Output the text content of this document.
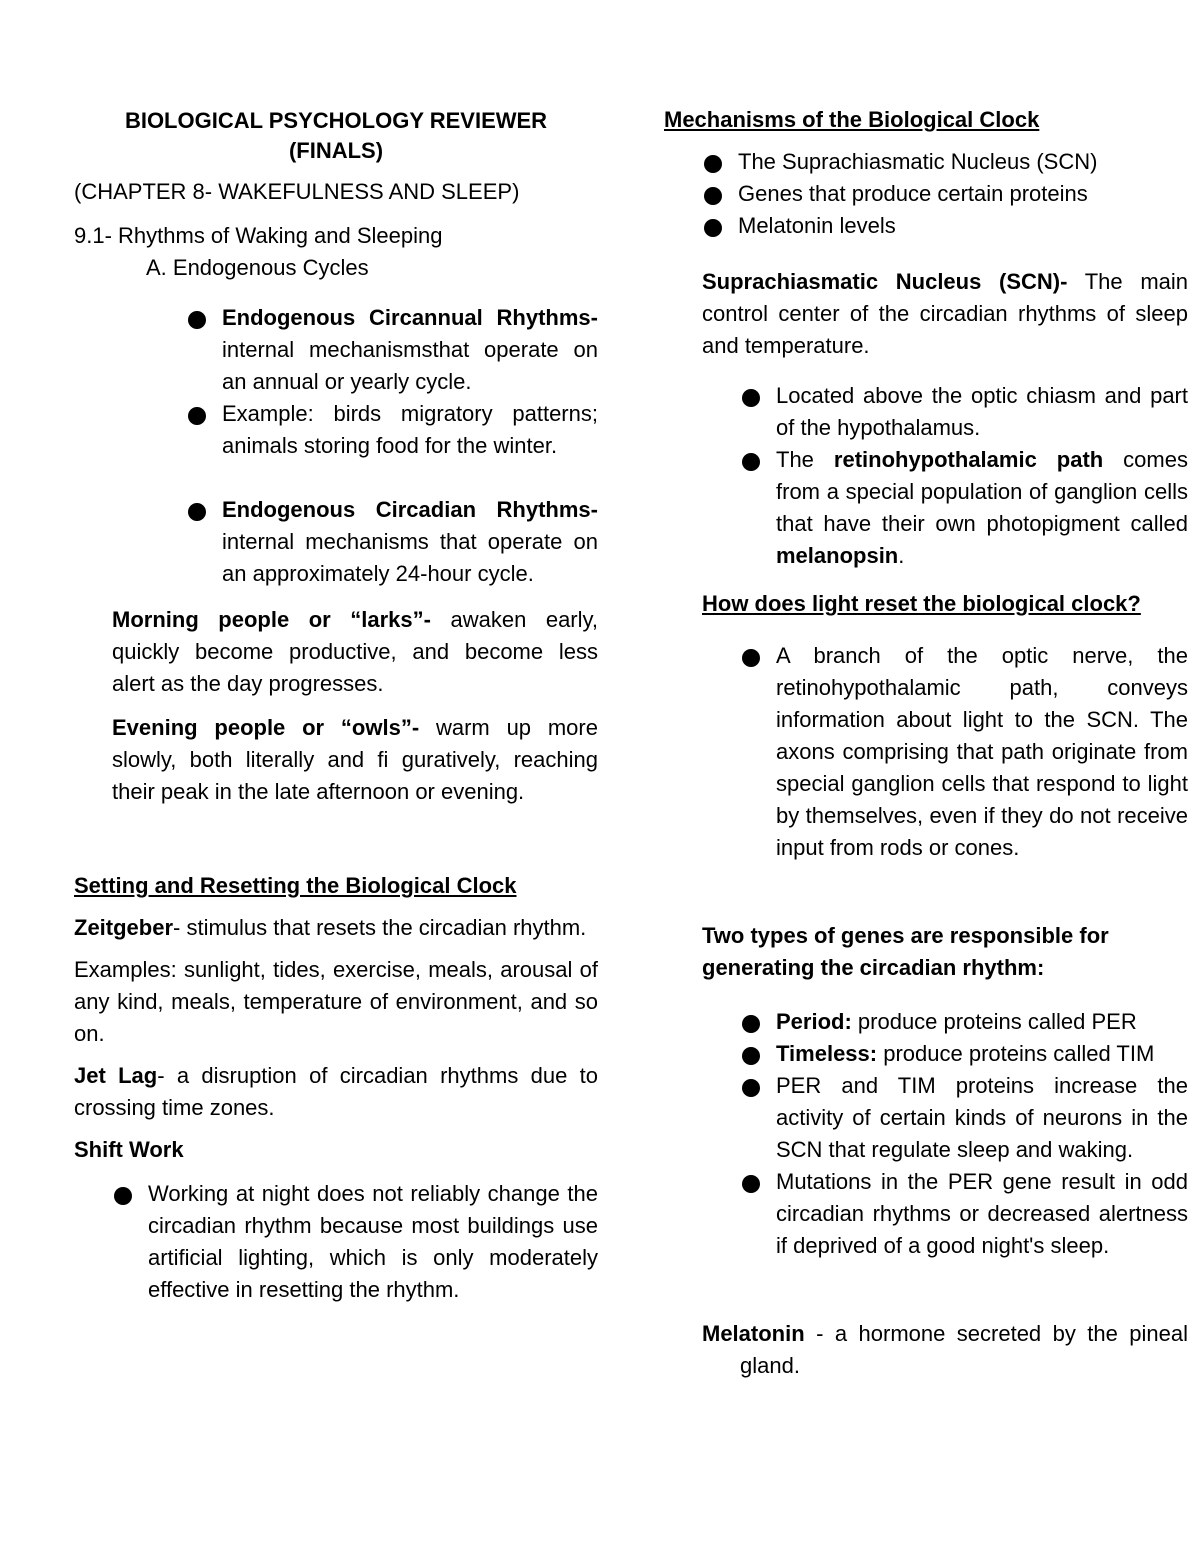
BIOLOGICAL PSYCHOLOGY REVIEWER
(FINALS)

(CHAPTER 8- WAKEFULNESS AND SLEEP)

9.1- Rhythms of Waking and Sleeping

A. Endogenous Cycles

Endogenous Circannual Rhythms- internal mechanismsthat operate on an annual or yearly cycle.
Example: birds migratory patterns; animals storing food for the winter.
Endogenous Circadian Rhythms- internal mechanisms that operate on an approximately 24-hour cycle.

Morning people or “larks”- awaken early, quickly become productive, and become less alert as the day progresses.

Evening people or “owls”- warm up more slowly, both literally and fi guratively, reaching their peak in the late afternoon or evening.

Setting and Resetting the Biological Clock

Zeitgeber- stimulus that resets the circadian rhythm.

Examples: sunlight, tides, exercise, meals, arousal of any kind, meals, temperature of environment, and so on.

Jet Lag- a disruption of circadian rhythms due to crossing time zones.

Shift Work

Working at night does not reliably change the circadian rhythm because most buildings use artificial lighting, which is only moderately effective in resetting the rhythm.

Mechanisms of the Biological Clock

The Suprachiasmatic Nucleus (SCN)
Genes that produce certain proteins
Melatonin levels

Suprachiasmatic Nucleus (SCN)- The main control center of the circadian rhythms of sleep and temperature.

Located above the optic chiasm and part of the hypothalamus.
The retinohypothalamic path comes from a special population of ganglion cells that have their own photopigment called melanopsin.

How does light reset the biological clock?

A branch of the optic nerve, the retinohypothalamic path, conveys information about light to the SCN. The axons comprising that path originate from special ganglion cells that respond to light by themselves, even if they do not receive input from rods or cones.

Two types of genes are responsible for generating the circadian rhythm:

Period: produce proteins called PER
Timeless: produce proteins called TIM
PER and TIM proteins increase the activity of certain kinds of neurons in the SCN that regulate sleep and waking.
Mutations in the PER gene result in odd circadian rhythms or decreased alertness if deprived of a good night's sleep.

Melatonin - a hormone secreted by the pineal gland.
